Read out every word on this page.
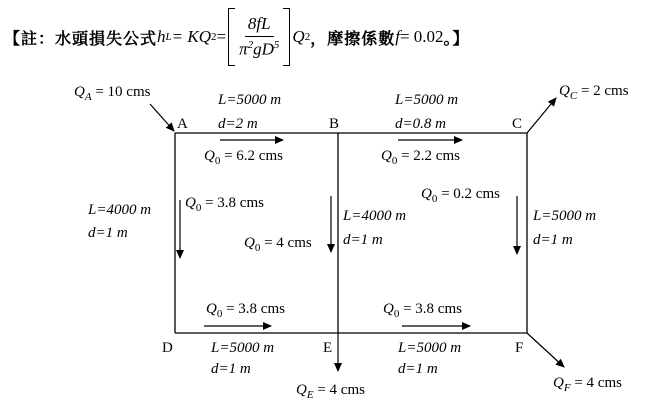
【 註：水頭損失公式 h L = KQ $2 = \frac{8fL}{\pi^2gD^5}$ Q 2 ，摩擦係數 f = 0.02 。】
A	B	C
D	E	F
$Q_A = 10$ cms	$Q_C = 2$ cms
$Q_E = 4$ cms	$Q_F = 4$ cms
L=5000 m
d=2 m
$Q_0 = 6.2$ cms
L=5000 m
d=0.8 m
$Q_0 = 2.2$ cms
L=4000 m
d=1 m
$Q_0 = 3.8$ cms
L=4000 m
d=1 m
$Q_0 = 4$ cms
L=5000 m
d=1 m
$Q_0 = 0.2$ cms
$Q_0 = 3.8$ cms
L=5000 m
d=1 m
$Q_0 = 3.8$ cms
L=5000 m
d=1 m
